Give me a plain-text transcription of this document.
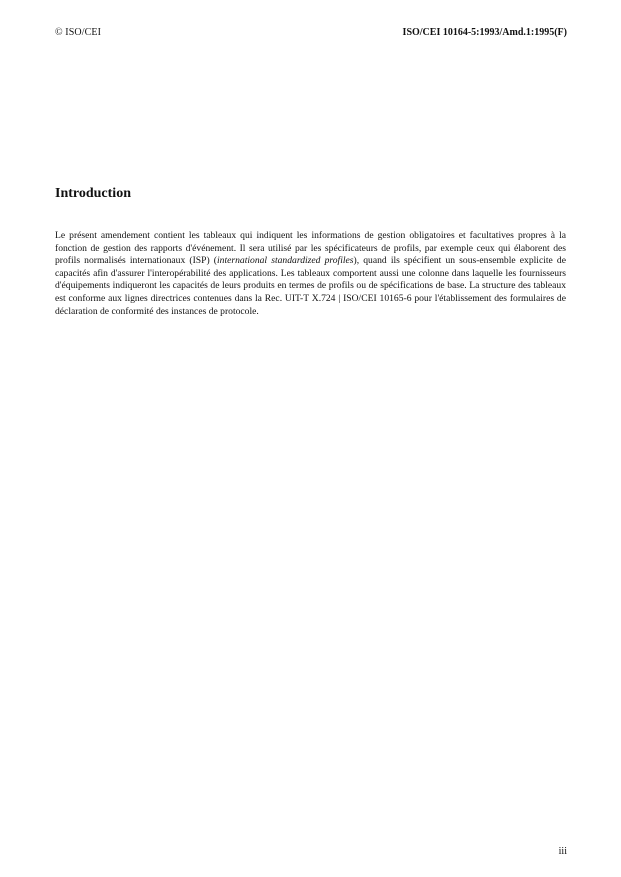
© ISO/CEI	ISO/CEI 10164-5:1993/Amd.1:1995(F)
Introduction

Le présent amendement contient les tableaux qui indiquent les informations de gestion obligatoires et facultatives propres à la fonction de gestion des rapports d'événement. Il sera utilisé par les spécificateurs de profils, par exemple ceux qui élaborent des profils normalisés internationaux (ISP) (international standardized profiles), quand ils spécifient un sous-ensemble explicite de capacités afin d'assurer l'interopérabilité des applications. Les tableaux comportent aussi une colonne dans laquelle les fournisseurs d'équipements indiqueront les capacités de leurs produits en termes de profils ou de spécifications de base. La structure des tableaux est conforme aux lignes directrices contenues dans la Rec. UIT-T X.724 | ISO/CEI 10165-6 pour l'établissement des formulaires de déclaration de conformité des instances de protocole.

iii
